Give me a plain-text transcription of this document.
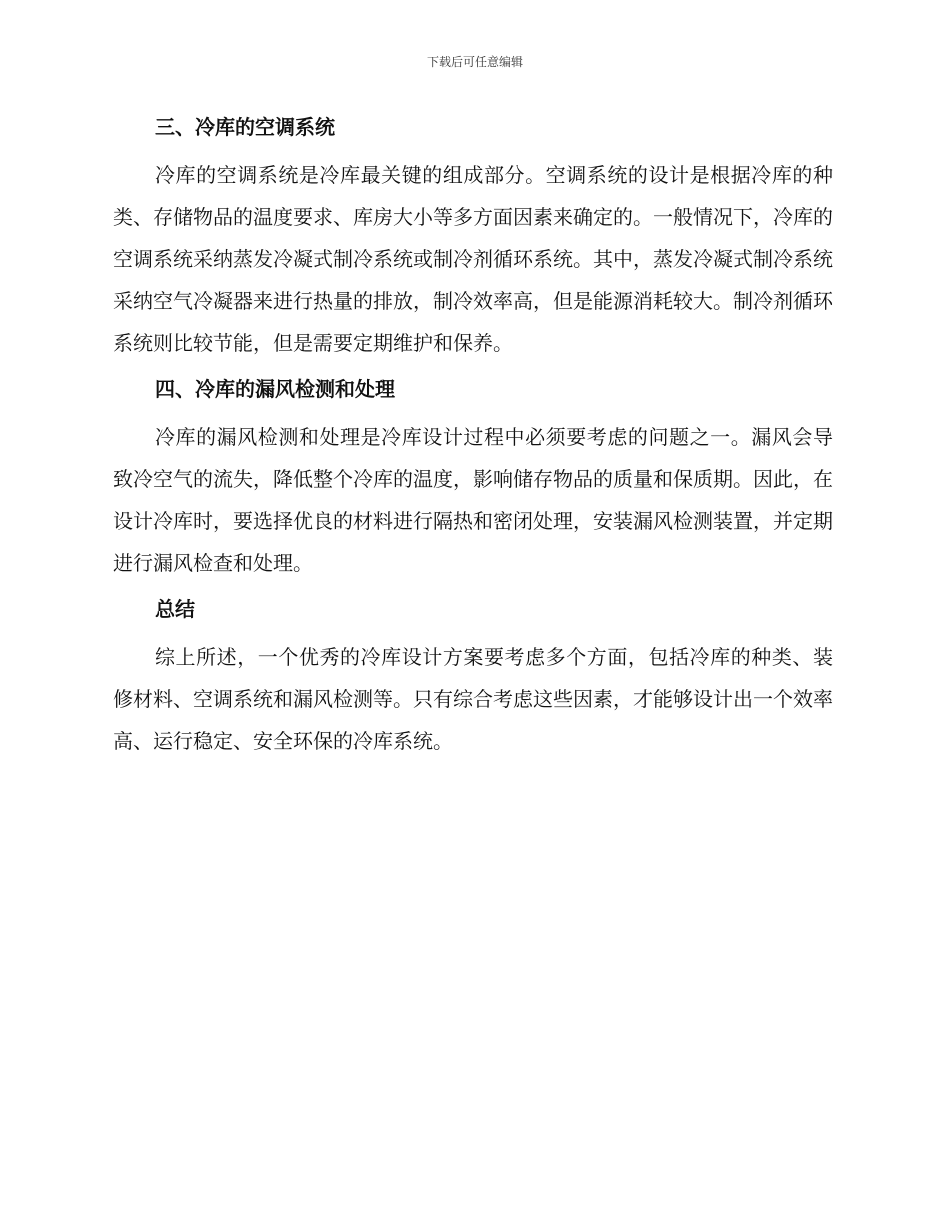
下载后可任意编辑
三、冷库的空调系统

冷库的空调系统是冷库最关键的组成部分。空调系统的设计是根据冷库的种类、存储物品的温度要求、库房大小等多方面因素来确定的。一般情况下，冷库的空调系统采纳蒸发冷凝式制冷系统或制冷剂循环系统。其中，蒸发冷凝式制冷系统采纳空气冷凝器来进行热量的排放，制冷效率高，但是能源消耗较大。制冷剂循环系统则比较节能，但是需要定期维护和保养。

四、冷库的漏风检测和处理

冷库的漏风检测和处理是冷库设计过程中必须要考虑的问题之一。漏风会导致冷空气的流失，降低整个冷库的温度，影响储存物品的质量和保质期。因此，在设计冷库时，要选择优良的材料进行隔热和密闭处理，安装漏风检测装置，并定期进行漏风检查和处理。

总结

综上所述，一个优秀的冷库设计方案要考虑多个方面，包括冷库的种类、装修材料、空调系统和漏风检测等。只有综合考虑这些因素，才能够设计出一个效率高、运行稳定、安全环保的冷库系统。
